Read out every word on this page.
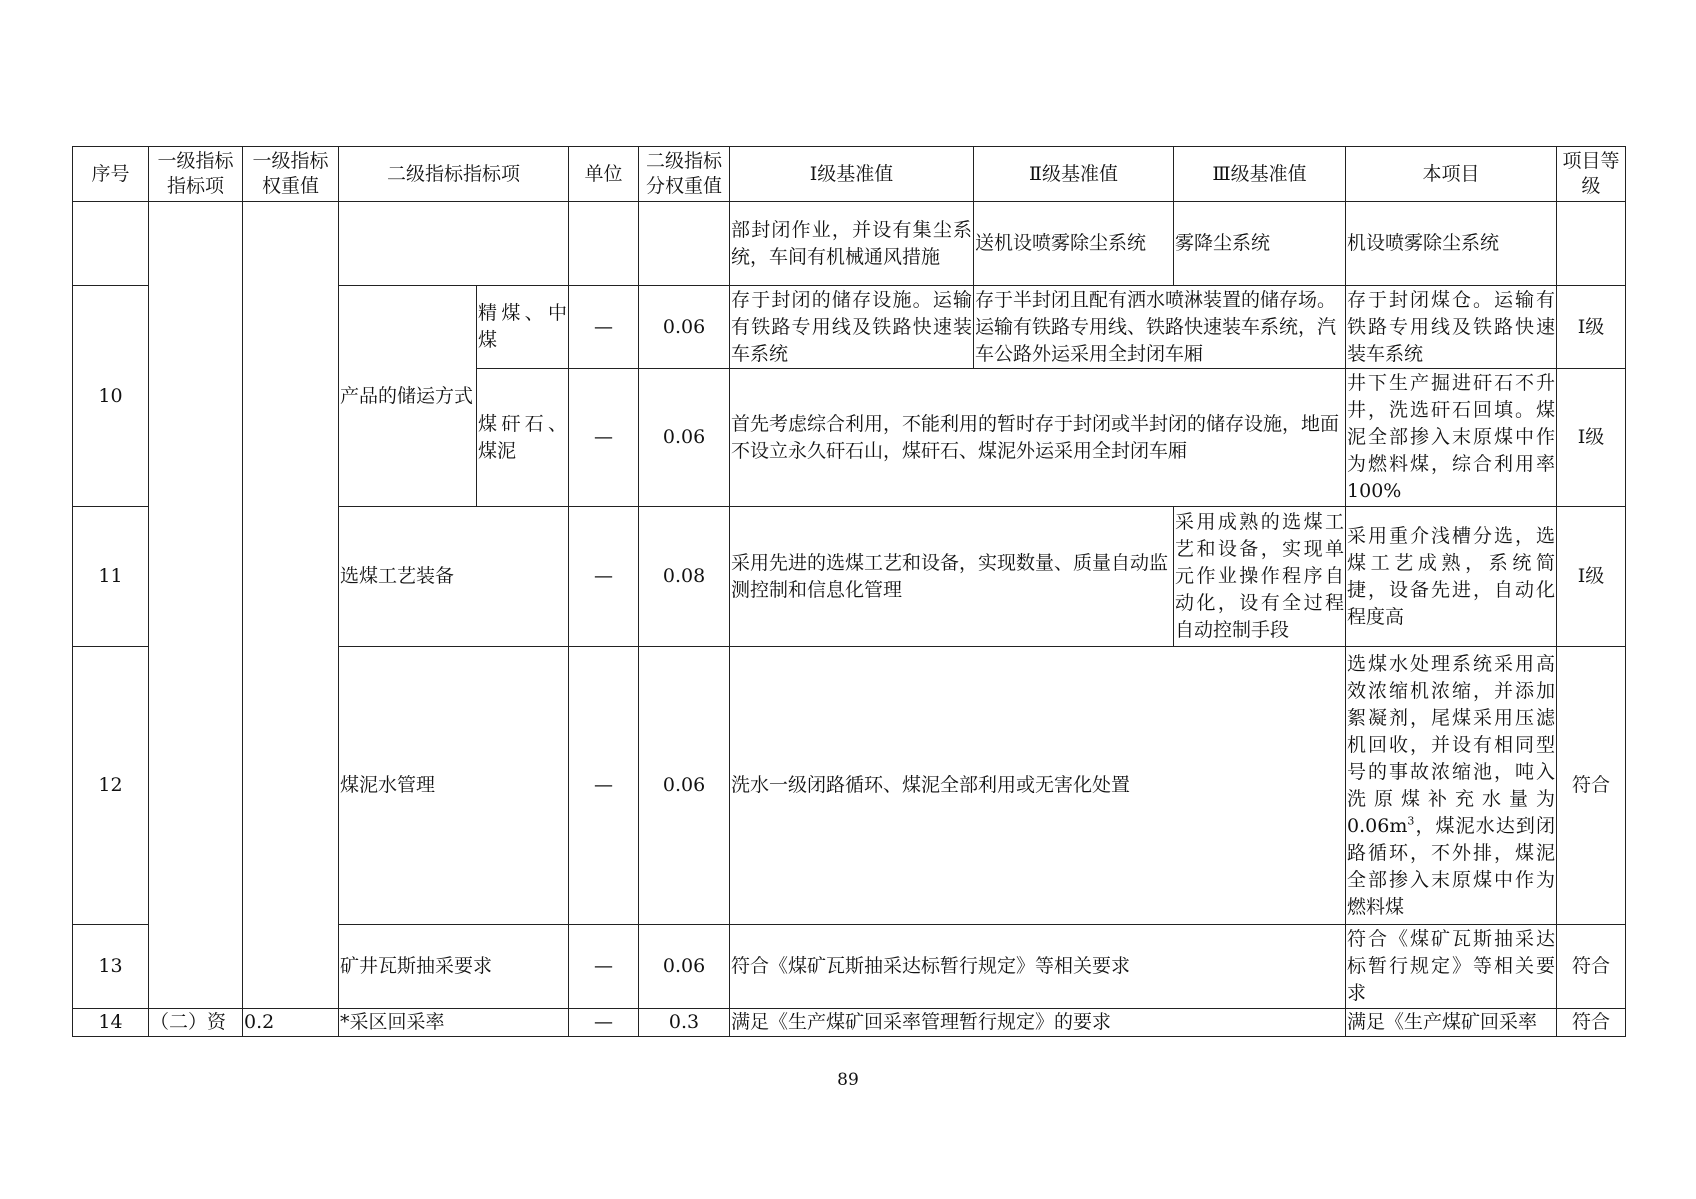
序号	一级指标指标项	一级指标权重值	二级指标指标项		单位	二级指标分权重值	Ⅰ级基准值	Ⅱ级基准值	Ⅲ级基准值	本项目	项目等级
							部封闭作业，并设有集尘系统，车间有机械通风措施	送机设喷雾除尘系统	雾降尘系统	机设喷雾除尘系统	
10			产品的储运方式	精煤、中煤	—	0.06	存于封闭的储存设施。运输有铁路专用线及铁路快速装车系统	存于半封闭且配有洒水喷淋装置的储存场。运输有铁路专用线、铁路快速装车系统，汽车公路外运采用全封闭车厢		存于封闭煤仓。运输有铁路专用线及铁路快速装车系统	Ⅰ级
				煤矸石、煤泥	—	0.06	首先考虑综合利用，不能利用的暂时存于封闭或半封闭的储存设施，地面不设立永久矸石山，煤矸石、煤泥外运采用全封闭车厢			井下生产掘进矸石不升井，洗选矸石回填。煤泥全部掺入末原煤中作为燃料煤，综合利用率 100%	Ⅰ级
11			选煤工艺装备		—	0.08	采用先进的选煤工艺和设备，实现数量、质量自动监测控制和信息化管理		采用成熟的选煤工艺和设备，实现单元作业操作程序自动化，设有全过程自动控制手段	采用重介浅槽分选，选煤工艺成熟，系统简捷，设备先进，自动化程度高	Ⅰ级
12			煤泥水管理		—	0.06	洗水一级闭路循环、煤泥全部利用或无害化处置			选煤水处理系统采用高效浓缩机浓缩，并添加絮凝剂，尾煤采用压滤机回收，并设有相同型号的事故浓缩池，吨入洗原煤补充水量为$0.06m^3$，煤泥水达到闭路循环，不外排，煤泥全部掺入末原煤中作为燃料煤	符合
13			矿井瓦斯抽采要求		—	0.06	符合《煤矿瓦斯抽采达标暂行规定》等相关要求			符合《煤矿瓦斯抽采达标暂行规定》等相关要求	符合
14	（二）资	0.2	*采区回采率		—	0.3	满足《生产煤矿回采率管理暂行规定》的要求			满足《生产煤矿回采率	符合
89
